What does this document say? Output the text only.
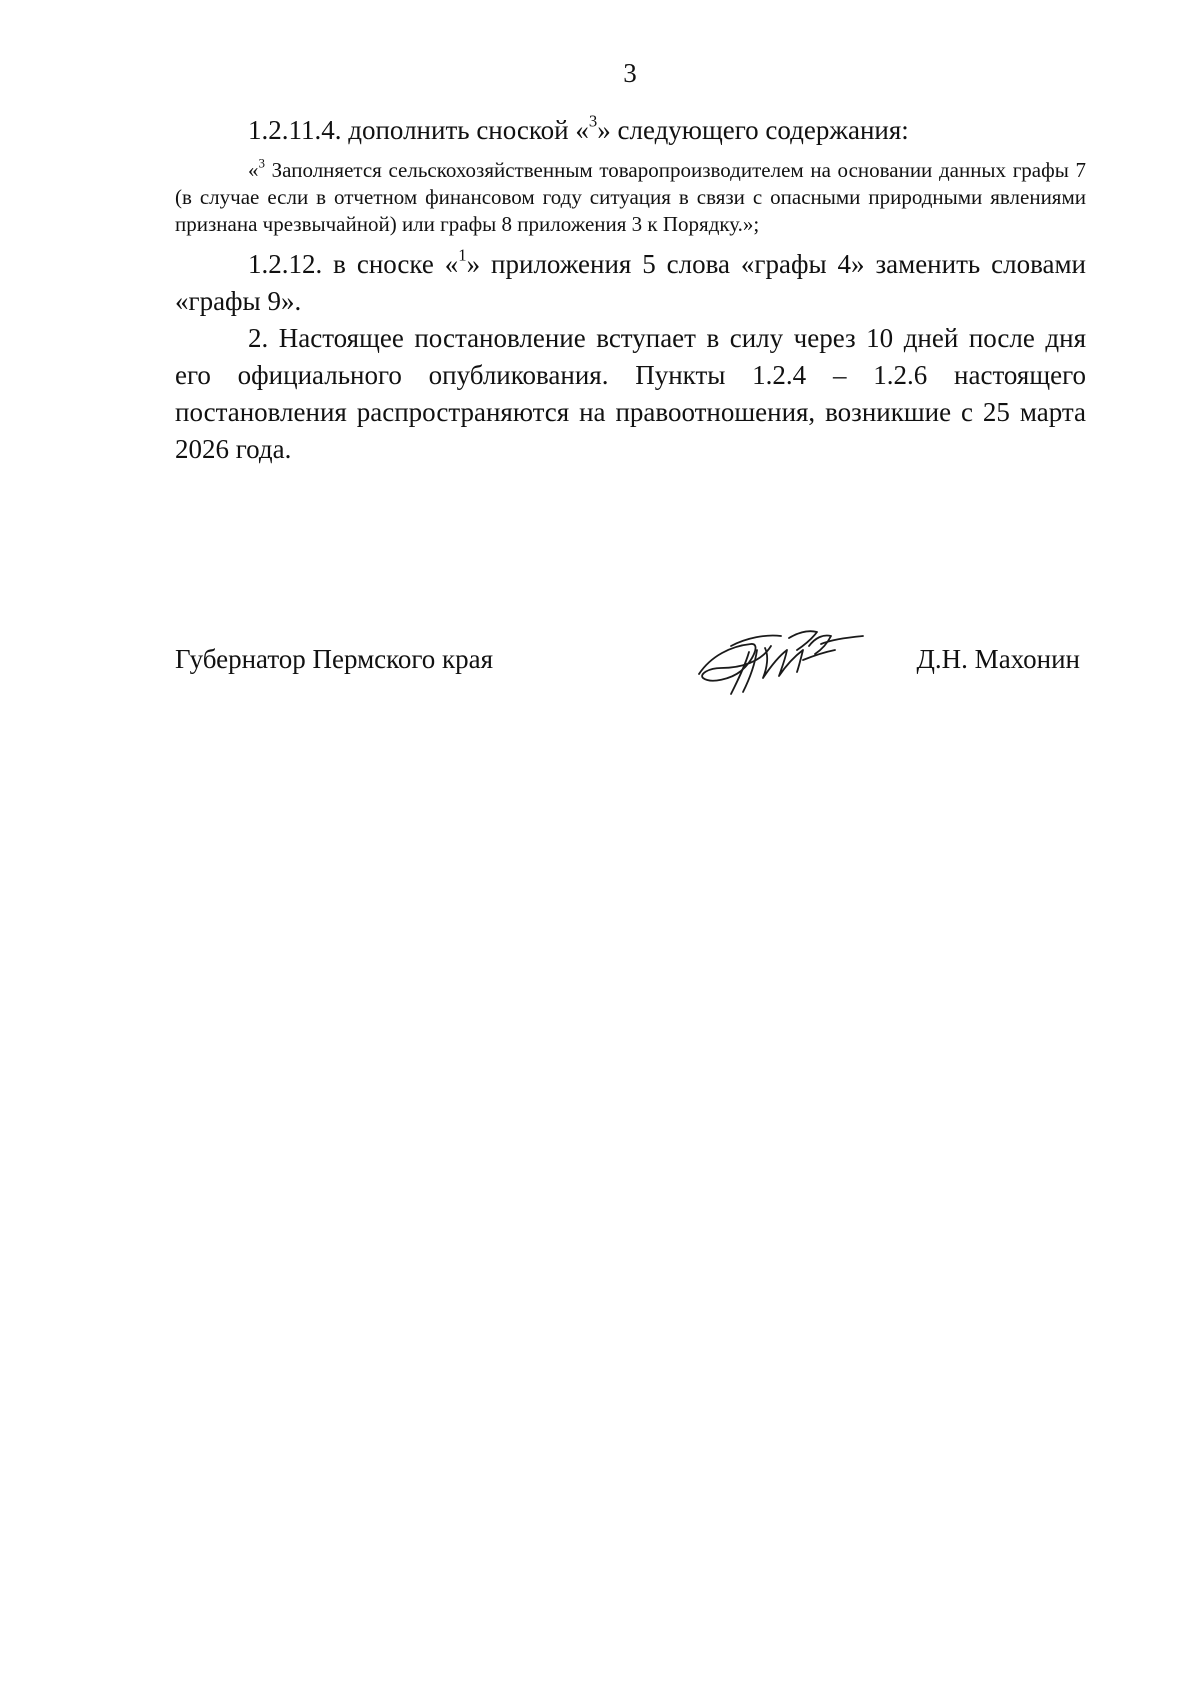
3

1.2.11.4. дополнить сноской «$^3$» следующего содержания:

«$^3$ Заполняется сельскохозяйственным товаропроизводителем на основании данных графы 7 (в случае если в отчетном финансовом году ситуация в связи с опасными природными явлениями признана чрезвычайной) или графы 8 приложения 3 к Порядку.»;

1.2.12. в сноске «$^1$» приложения 5 слова «графы 4» заменить словами «графы 9».

2. Настоящее постановление вступает в силу через 10 дней после дня его официального опубликования. Пункты 1.2.4 – 1.2.6 настоящего постановления распространяются на правоотношения, возникшие с 25 марта 2026 года.

Губернатор Пермского края	Д.Н. Махонин
